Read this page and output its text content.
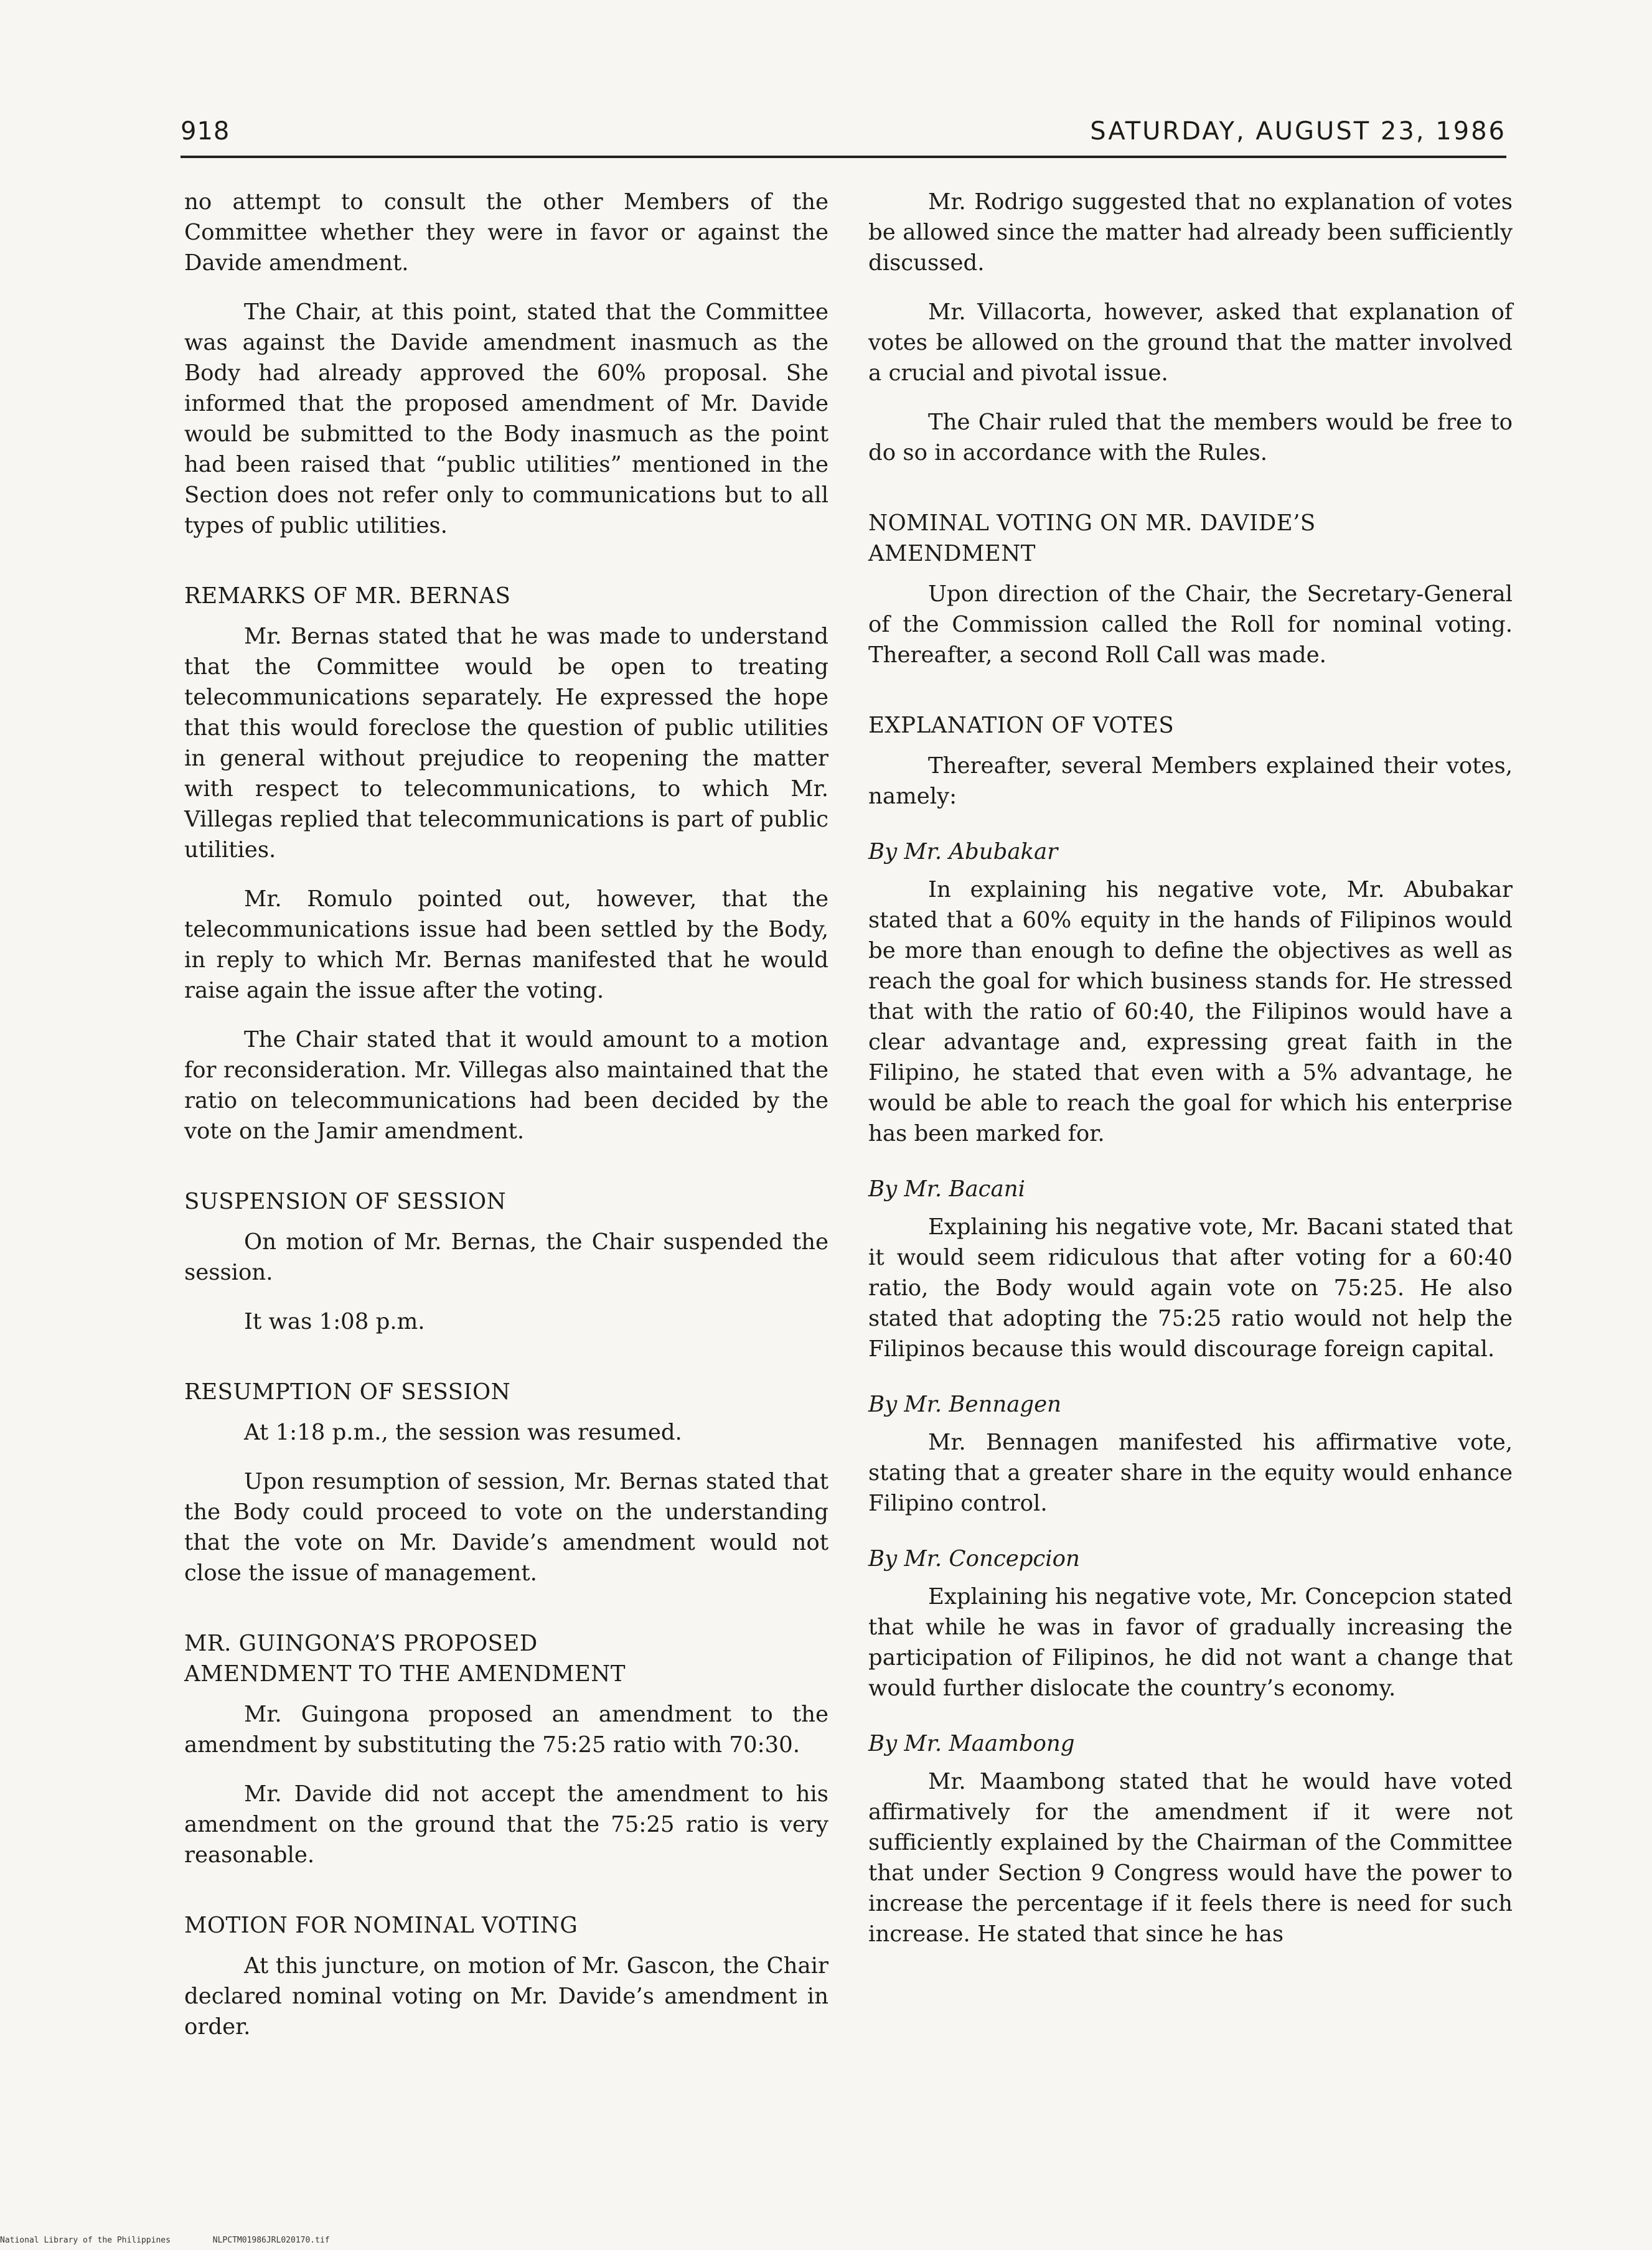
918	SATURDAY, AUGUST 23, 1986

no attempt to consult the other Members of the Committee whether they were in favor or against the Davide amendment.

The Chair, at this point, stated that the Committee was against the Davide amendment inasmuch as the Body had already approved the 60% proposal. She informed that the proposed amendment of Mr. Davide would be submitted to the Body inasmuch as the point had been raised that “public utilities” mentioned in the Section does not refer only to communications but to all types of public utilities.

REMARKS OF MR. BERNAS

Mr. Bernas stated that he was made to understand that the Committee would be open to treating telecommunications separately. He expressed the hope that this would foreclose the question of public utilities in general without prejudice to reopening the matter with respect to telecommunications, to which Mr. Villegas replied that telecommunications is part of public utilities.

Mr. Romulo pointed out, however, that the telecommunications issue had been settled by the Body, in reply to which Mr. Bernas manifested that he would raise again the issue after the voting.

The Chair stated that it would amount to a motion for reconsideration. Mr. Villegas also maintained that the ratio on telecommunications had been decided by the vote on the Jamir amendment.

SUSPENSION OF SESSION

On motion of Mr. Bernas, the Chair suspended the session.

It was 1:08 p.m.

RESUMPTION OF SESSION

At 1:18 p.m., the session was resumed.

Upon resumption of session, Mr. Bernas stated that the Body could proceed to vote on the understanding that the vote on Mr. Davide’s amendment would not close the issue of management.

MR. GUINGONA’S PROPOSED
AMENDMENT TO THE AMENDMENT

Mr. Guingona proposed an amendment to the amendment by substituting the 75:25 ratio with 70:30.

Mr. Davide did not accept the amendment to his amendment on the ground that the 75:25 ratio is very reasonable.

MOTION FOR NOMINAL VOTING

At this juncture, on motion of Mr. Gascon, the Chair declared nominal voting on Mr. Davide’s amendment in order.

Mr. Rodrigo suggested that no explanation of votes be allowed since the matter had already been sufficiently discussed.

Mr. Villacorta, however, asked that explanation of votes be allowed on the ground that the matter involved a crucial and pivotal issue.

The Chair ruled that the members would be free to do so in accordance with the Rules.

NOMINAL VOTING ON MR. DAVIDE’S
AMENDMENT

Upon direction of the Chair, the Secretary-General of the Commission called the Roll for nominal voting. Thereafter, a second Roll Call was made.

EXPLANATION OF VOTES

Thereafter, several Members explained their votes, namely:

By Mr. Abubakar

In explaining his negative vote, Mr. Abubakar stated that a 60% equity in the hands of Filipinos would be more than enough to define the objectives as well as reach the goal for which business stands for. He stressed that with the ratio of 60:40, the Filipinos would have a clear advantage and, expressing great faith in the Filipino, he stated that even with a 5% advantage, he would be able to reach the goal for which his enterprise has been marked for.

By Mr. Bacani

Explaining his negative vote, Mr. Bacani stated that it would seem ridiculous that after voting for a 60:40 ratio, the Body would again vote on 75:25. He also stated that adopting the 75:25 ratio would not help the Filipinos because this would discourage foreign capital.

By Mr. Bennagen

Mr. Bennagen manifested his affirmative vote, stating that a greater share in the equity would enhance Filipino control.

By Mr. Concepcion

Explaining his negative vote, Mr. Concepcion stated that while he was in favor of gradually increasing the participation of Filipinos, he did not want a change that would further dislocate the country’s economy.

By Mr. Maambong

Mr. Maambong stated that he would have voted affirmatively for the amendment if it were not sufficiently explained by the Chairman of the Committee that under Section 9 Congress would have the power to increase the percentage if it feels there is need for such increase. He stated that since he has

National Library of the Philippines	NLPCTM01986JRL020170.tif
